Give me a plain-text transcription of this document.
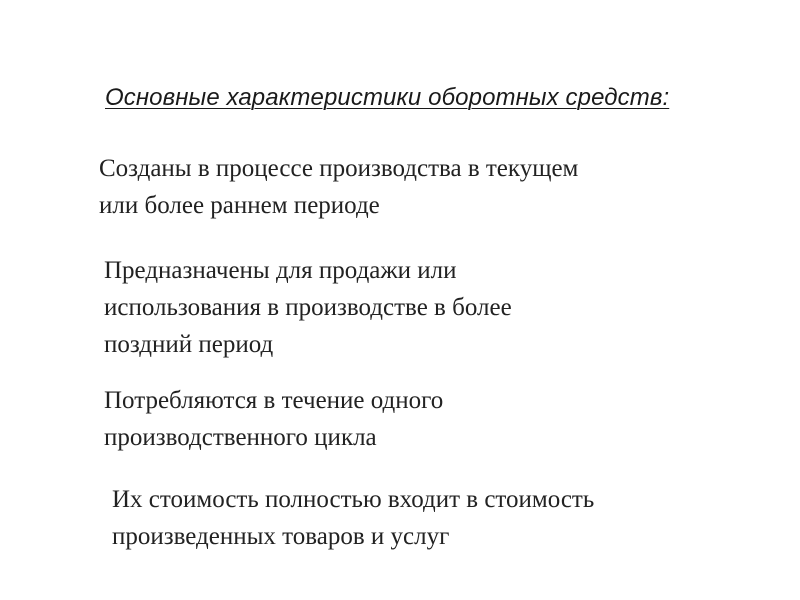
Основные характеристики оборотных средств:
Созданы в процессе производства в текущем
или более раннем периоде
Предназначены для продажи или
использования в производстве в более
поздний период
Потребляются в течение одного
производственного цикла
Их стоимость полностью входит в стоимость
произведенных товаров и услуг
